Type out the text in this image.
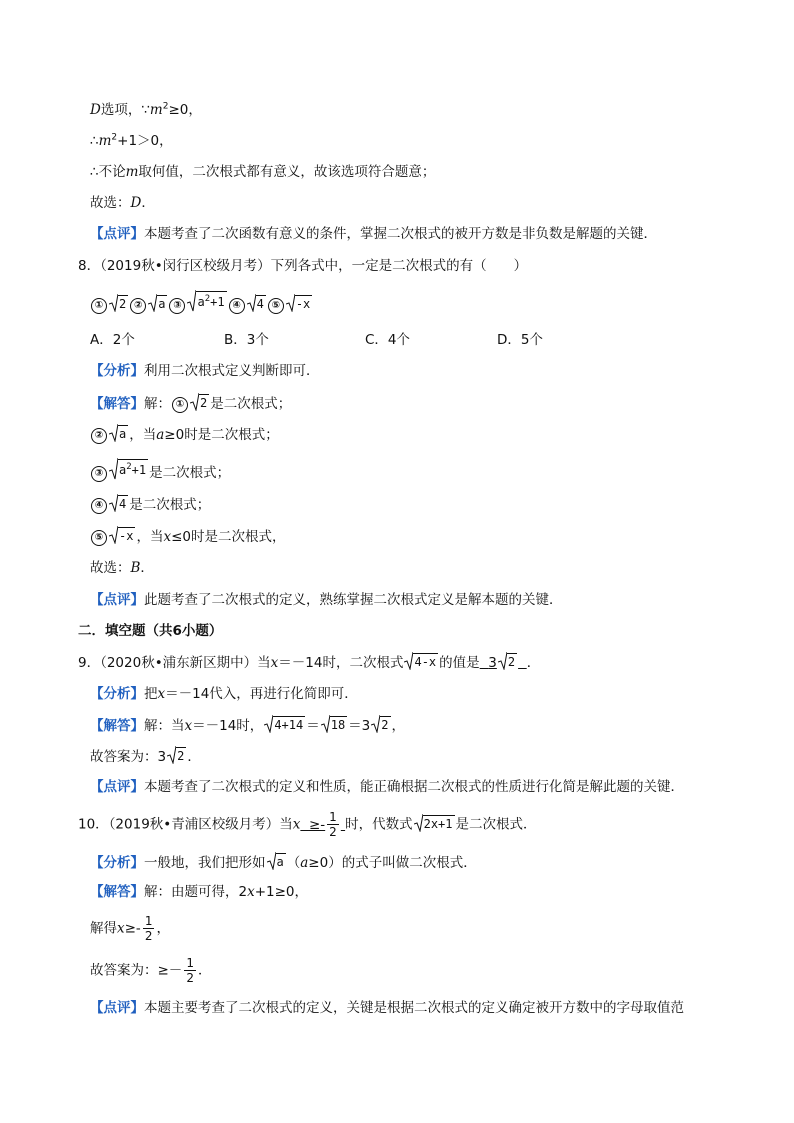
D选项，$\because m^2\ge 0$，
$\therefore m^2+1>0$，
∴不论m取何值，二次根式都有意义，故该选项符合题意；
故选：D．
【点评】本题考查了二次函数有意义的条件，掌握二次根式的被开方数是非负数是解题的关键．
8．（2019秋•闵行区校级月考）下列各式中，一定是二次根式的有（　　）
① 2 ② a ③ $a^2+1$ ④ 4 ⑤ -x
A．2个	B．3个	C．4个	D．5个
【分析】利用二次根式定义判断即可．
【解答】解： ① 2 是二次根式；
② a ，当a≥0时是二次根式；
③ $a^2+1$ 是二次根式；
④ 4 是二次根式；
⑤ -x ，当x≤0时是二次根式，
故选：B．
【点评】此题考查了二次根式的定义，熟练掌握二次根式定义是解本题的关键．
二．填空题（共6小题）
9．（2020秋•浦东新区期中）当x＝－14时，二次根式 4-x 的值是 3 2 ．
【分析】把x＝－14代入，再进行化简即可．
【解答】解：当x＝－14时， 4+14 ＝ 18 ＝3 2 ，
故答案为：3 2 ．
【点评】本题考查了二次根式的定义和性质，能正确根据二次根式的性质进行化简是解此题的关键．
10．（2019秋•青浦区校级月考）当$x \ge- \frac{1}{2}$ 时，代数式 2x+1 是二次根式．
【分析】一般地，我们把形如 a （a≥0）的式子叫做二次根式．
【解答】解：由题可得，2x+1≥0，
解得$x\ge- \frac{1}{2}$ ，
故答案为：≥－ $\frac{1}{2}$ ．
【点评】本题主要考查了二次根式的定义，关键是根据二次根式的定义确定被开方数中的字母取值范
